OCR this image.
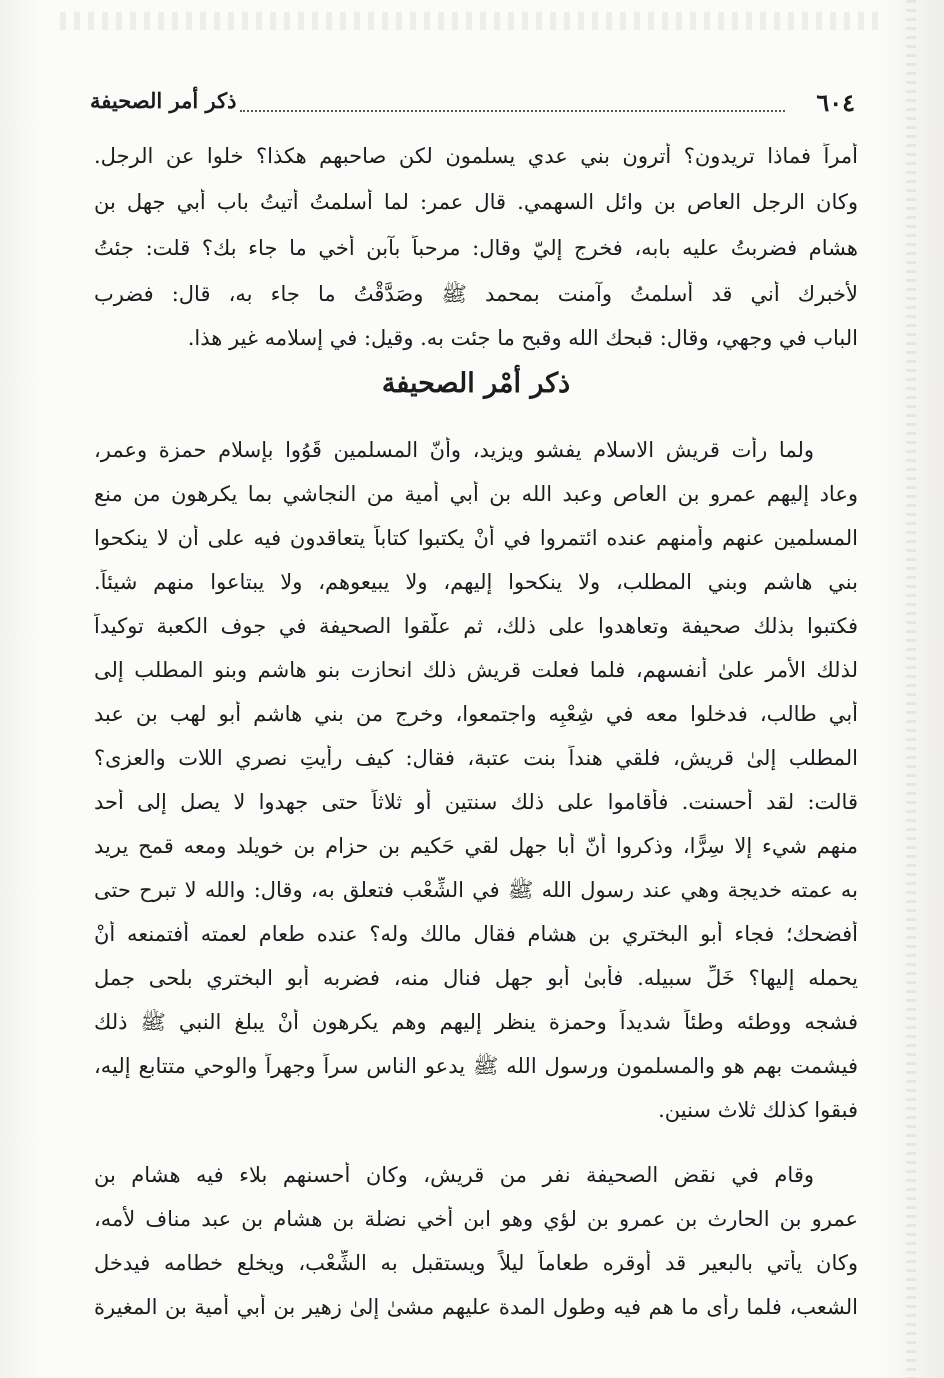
٦٠٤
ذكر أمر الصحيفة
أمراً فماذا تريدون؟ أترون بني عدي يسلمون لكن صاحبهم هكذا؟ خلوا عن الرجل.
وكان الرجل العاص بن وائل السهمي. قال عمر: لما أسلمتُ أتيتُ باب أبي جهل بن
هشام فضربتُ عليه بابه، فخرج إليّ وقال: مرحباً بآبن أخي ما جاء بك؟ قلت: جئتُ
لأخبرك أني قد أسلمتُ وآمنت بمحمد ﷺ وصَدَّقْتُ ما جاء به، قال: فضرب
الباب في وجهي، وقال: قبحك الله وقبح ما جئت به. وقيل: في إسلامه غير هذا.
ذكر أمْر الصحيفة
ولما رأت قريش الاسلام يفشو ويزيد، وأنّ المسلمين قَوُوا بإسلام حمزة وعمر،
وعاد إليهم عمرو بن العاص وعبد الله بن أبي أمية من النجاشي بما يكرهون من منع
المسلمين عنهم وأمنهم عنده ائتمروا في أنْ يكتبوا كتاباً يتعاقدون فيه على أن لا ينكحوا
بني هاشم وبني المطلب، ولا ينكحوا إليهم، ولا يبيعوهم، ولا يبتاعوا منهم شيئاً.
فكتبوا بذلك صحيفة وتعاهدوا على ذلك، ثم علّقوا الصحيفة في جوف الكعبة توكيداً
لذلك الأمر علىٰ أنفسهم، فلما فعلت قريش ذلك انحازت بنو هاشم وبنو المطلب إلى
أبي طالب، فدخلوا معه في شِعْبِه واجتمعوا، وخرج من بني هاشم أبو لهب بن عبد
المطلب إلىٰ قريش، فلقي هنداً بنت عتبة، فقال: كيف رأيتِ نصري اللات والعزى؟
قالت: لقد أحسنت. فأقاموا على ذلك سنتين أو ثلاثاً حتى جهدوا لا يصل إلى أحد
منهم شيء إلا سِرًّا، وذكروا أنّ أبا جهل لقي حَكيم بن حزام بن خويلد ومعه قمح يريد
به عمته خديجة وهي عند رسول الله ﷺ في الشِّعْب فتعلق به، وقال: والله لا تبرح حتى
أفضحك؛ فجاء أبو البختري بن هشام فقال مالك وله؟ عنده طعام لعمته أفتمنعه أنْ
يحمله إليها؟ خَلِّ سبيله. فأبىٰ أبو جهل فنال منه، فضربه أبو البختري بلحى جمل
فشجه ووطئه وطئاً شديداً وحمزة ينظر إليهم وهم يكرهون أنْ يبلغ النبي ﷺ ذلك
فيشمت بهم هو والمسلمون ورسول الله ﷺ يدعو الناس سراً وجهراً والوحي متتابع إليه،
فبقوا كذلك ثلاث سنين.
وقام في نقض الصحيفة نفر من قريش، وكان أحسنهم بلاء فيه هشام بن
عمرو بن الحارث بن عمرو بن لؤي وهو ابن أخي نضلة بن هشام بن عبد مناف لأمه،
وكان يأتي بالبعير قد أوقره طعاماً ليلاً ويستقبل به الشِّعْب، ويخلع خطامه فيدخل
الشعب، فلما رأى ما هم فيه وطول المدة عليهم مشىٰ إلىٰ زهير بن أبي أمية بن المغيرة
